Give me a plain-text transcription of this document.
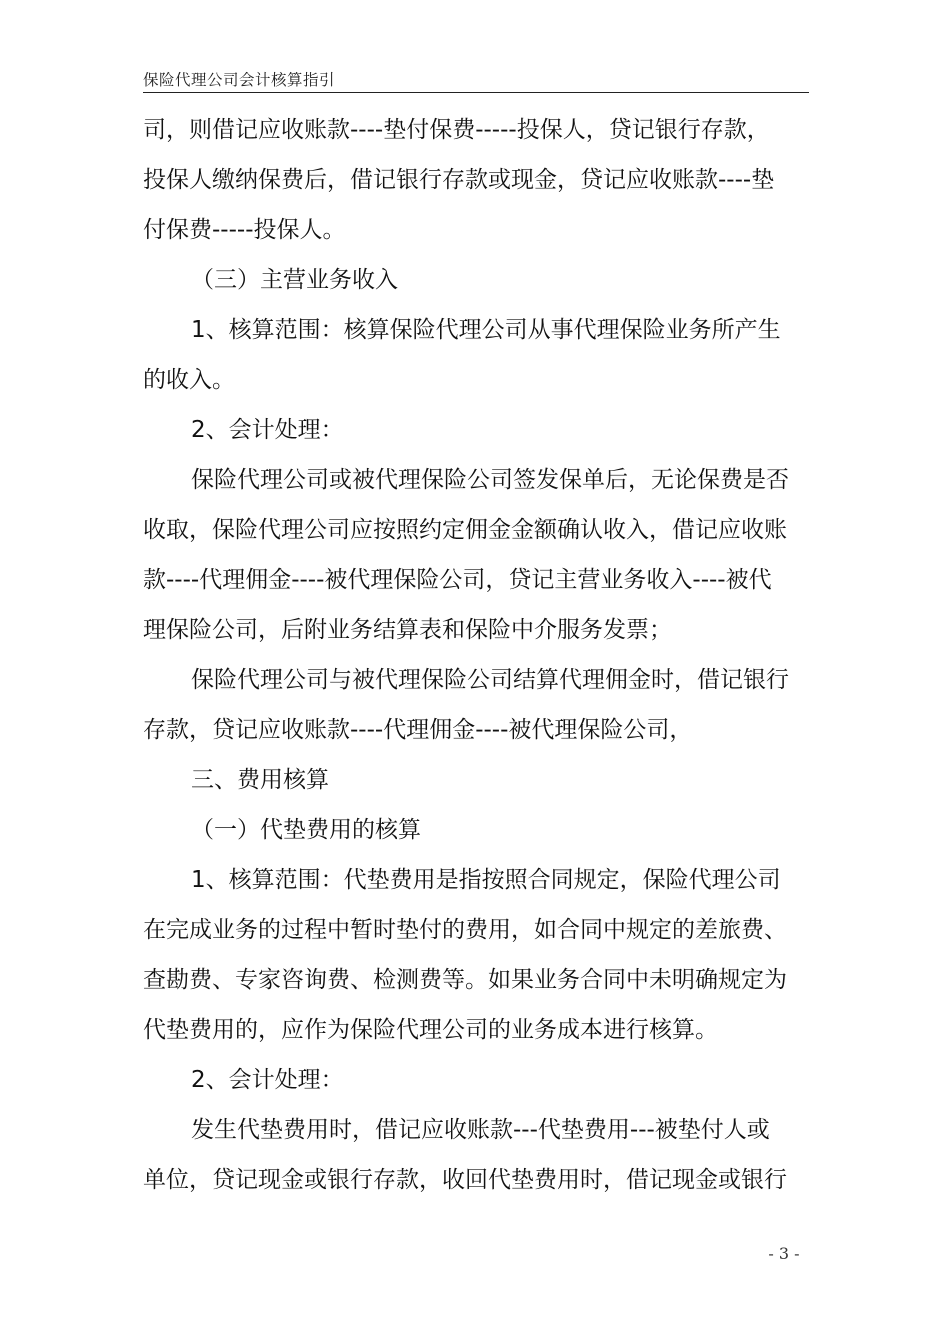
保险代理公司会计核算指引
司，则借记应收账款----垫付保费-----投保人，贷记银行存款，
投保人缴纳保费后，借记银行存款或现金，贷记应收账款----垫
付保费-----投保人。
（三）主营业务收入
1、核算范围：核算保险代理公司从事代理保险业务所产生
的收入。
2、会计处理：
保险代理公司或被代理保险公司签发保单后，无论保费是否
收取，保险代理公司应按照约定佣金金额确认收入，借记应收账
款----代理佣金----被代理保险公司，贷记主营业务收入----被代
理保险公司，后附业务结算表和保险中介服务发票；
保险代理公司与被代理保险公司结算代理佣金时，借记银行
存款，贷记应收账款----代理佣金----被代理保险公司，
三、费用核算
（一）代垫费用的核算
1、核算范围：代垫费用是指按照合同规定，保险代理公司
在完成业务的过程中暂时垫付的费用，如合同中规定的差旅费、
查勘费、专家咨询费、检测费等。如果业务合同中未明确规定为
代垫费用的，应作为保险代理公司的业务成本进行核算。
2、会计处理：
发生代垫费用时，借记应收账款---代垫费用---被垫付人或
单位，贷记现金或银行存款，收回代垫费用时，借记现金或银行
- 3 -
